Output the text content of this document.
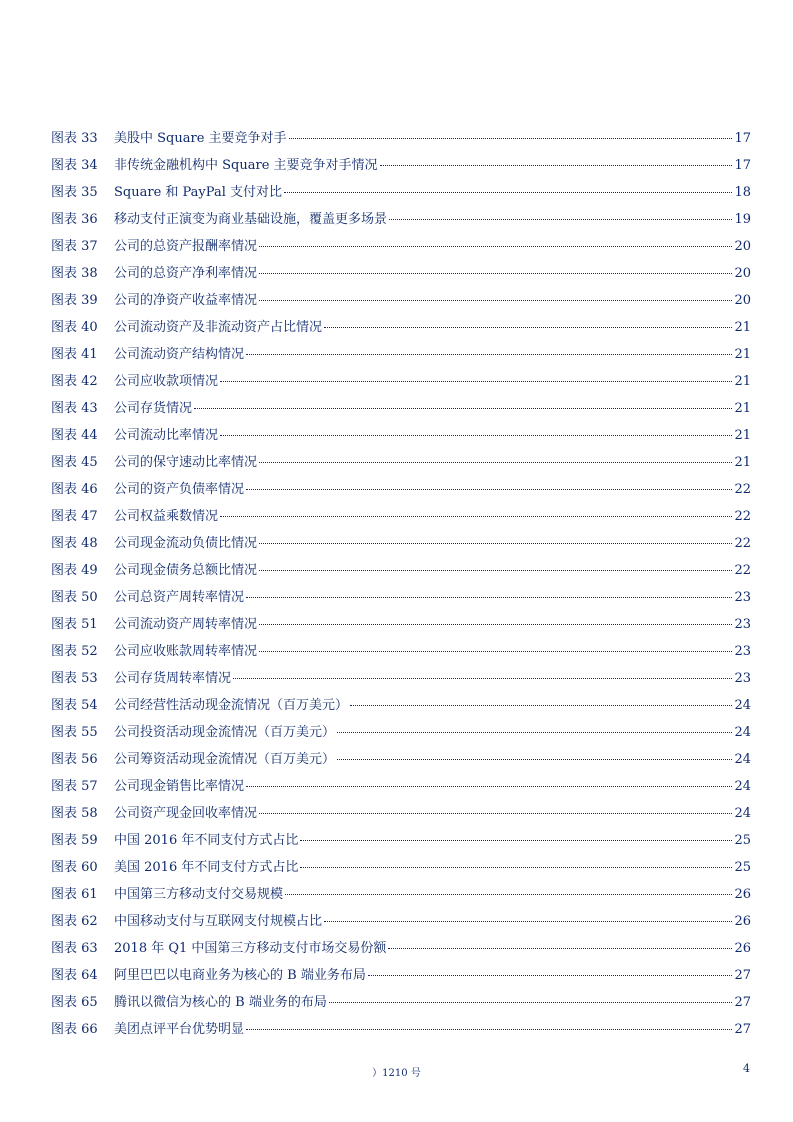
图表 33	美股中 Square 主要竞争对手	17
图表 34	非传统金融机构中 Square 主要竞争对手情况	17
图表 35	Square 和 PayPal 支付对比	18
图表 36	移动支付正演变为商业基础设施，覆盖更多场景	19
图表 37	公司的总资产报酬率情况	20
图表 38	公司的总资产净利率情况	20
图表 39	公司的净资产收益率情况	20
图表 40	公司流动资产及非流动资产占比情况	21
图表 41	公司流动资产结构情况	21
图表 42	公司应收款项情况	21
图表 43	公司存货情况	21
图表 44	公司流动比率情况	21
图表 45	公司的保守速动比率情况	21
图表 46	公司的资产负债率情况	22
图表 47	公司权益乘数情况	22
图表 48	公司现金流动负债比情况	22
图表 49	公司现金债务总额比情况	22
图表 50	公司总资产周转率情况	23
图表 51	公司流动资产周转率情况	23
图表 52	公司应收账款周转率情况	23
图表 53	公司存货周转率情况	23
图表 54	公司经营性活动现金流情况（百万美元）	24
图表 55	公司投资活动现金流情况（百万美元）	24
图表 56	公司筹资活动现金流情况（百万美元）	24
图表 57	公司现金销售比率情况	24
图表 58	公司资产现金回收率情况	24
图表 59	中国 2016 年不同支付方式占比	25
图表 60	美国 2016 年不同支付方式占比	25
图表 61	中国第三方移动支付交易规模	26
图表 62	中国移动支付与互联网支付规模占比	26
图表 63	2018 年 Q1 中国第三方移动支付市场交易份额	26
图表 64	阿里巴巴以电商业务为核心的 B 端业务布局	27
图表 65	腾讯以微信为核心的 B 端业务的布局	27
图表 66	美团点评平台优势明显	27
）1210 号	4
